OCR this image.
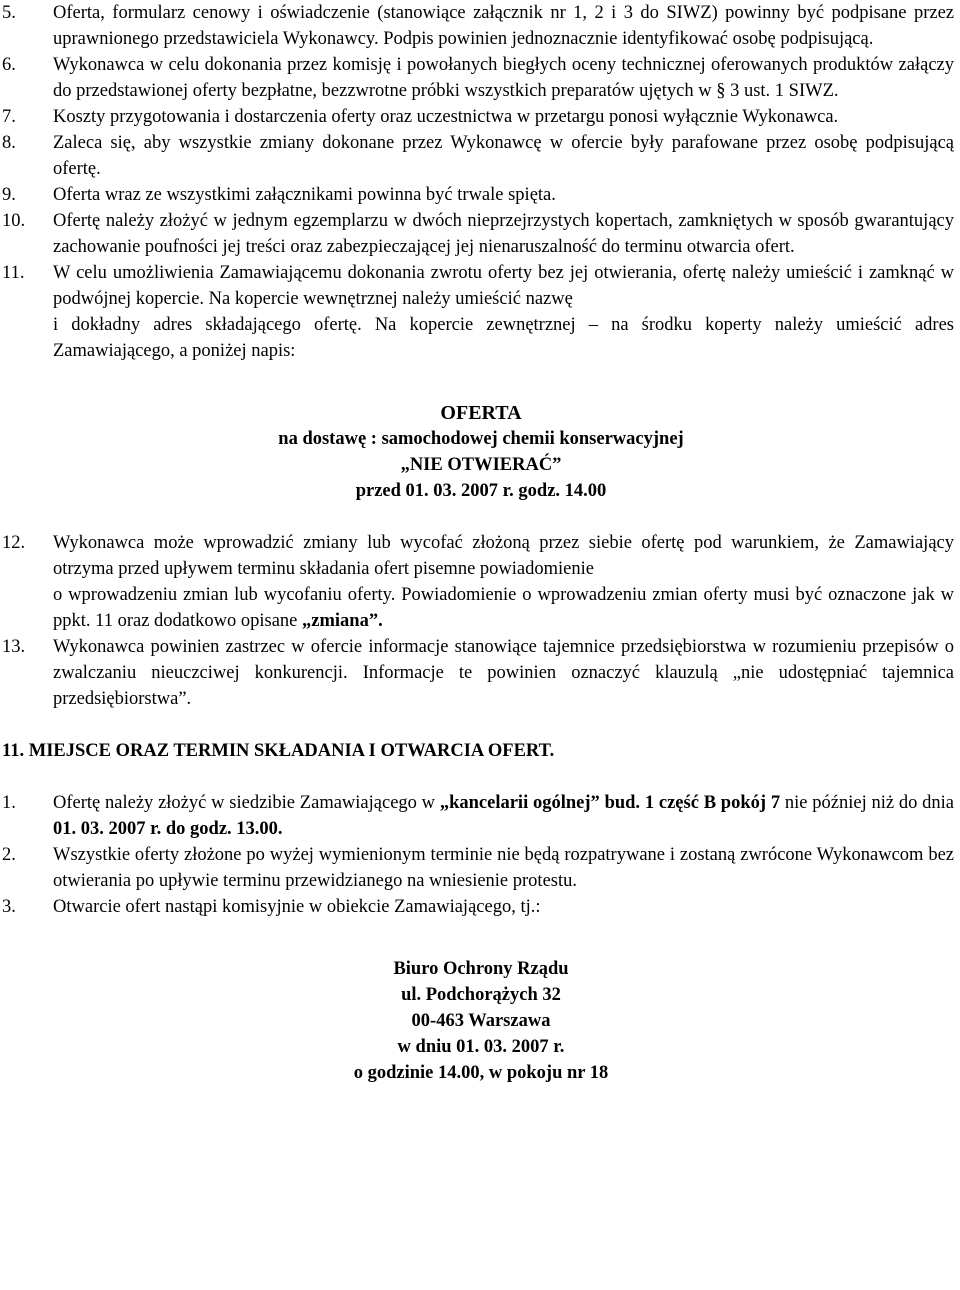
5.	Oferta, formularz cenowy i oświadczenie (stanowiące załącznik nr 1, 2 i 3 do SIWZ) powinny być podpisane przez uprawnionego przedstawiciela Wykonawcy. Podpis powinien jednoznacznie identyfikować osobę podpisującą.

6.	Wykonawca w celu dokonania przez komisję i powołanych biegłych oceny technicznej oferowanych produktów załączy do przedstawionej oferty bezpłatne, bezzwrotne próbki wszystkich preparatów ujętych w § 3 ust. 1 SIWZ.

7.	Koszty przygotowania i dostarczenia oferty oraz uczestnictwa w przetargu ponosi wyłącznie Wykonawca.

8.	Zaleca się, aby wszystkie zmiany dokonane przez Wykonawcę w ofercie były parafowane przez osobę podpisującą ofertę.

9.	Oferta wraz ze wszystkimi załącznikami powinna być trwale spięta.

10.	Ofertę należy złożyć w jednym egzemplarzu w dwóch nieprzejrzystych kopertach, zamkniętych w sposób gwarantujący zachowanie poufności jej treści oraz zabezpieczającej jej nienaruszalność do terminu otwarcia ofert.

11.	W celu umożliwienia Zamawiającemu dokonania zwrotu oferty bez jej otwierania, ofertę należy umieścić i zamknąć w podwójnej kopercie. Na kopercie wewnętrznej należy umieścić nazwę

i dokładny adres składającego ofertę. Na kopercie zewnętrznej – na środku koperty należy umieścić adres Zamawiającego, a poniżej napis:

OFERTA

na dostawę : samochodowej chemii konserwacyjnej

„NIE OTWIERAĆ”

przed 01. 03. 2007 r. godz. 14.00

12.	Wykonawca może wprowadzić zmiany lub wycofać złożoną przez siebie ofertę pod warunkiem, że Zamawiający otrzyma przed upływem terminu składania ofert pisemne powiadomienie

o wprowadzeniu zmian lub wycofaniu oferty. Powiadomienie o wprowadzeniu zmian oferty musi być oznaczone jak w ppkt. 11 oraz dodatkowo opisane „zmiana”.

13.	Wykonawca powinien zastrzec w ofercie informacje stanowiące tajemnice przedsiębiorstwa w rozumieniu przepisów o zwalczaniu nieuczciwej konkurencji. Informacje te powinien oznaczyć klauzulą „nie udostępniać tajemnica przedsiębiorstwa”.

11. MIEJSCE ORAZ TERMIN SKŁADANIA I OTWARCIA OFERT.

1.	Ofertę należy złożyć w siedzibie Zamawiającego w „kancelarii ogólnej” bud. 1 część B pokój 7 nie później niż do dnia 01. 03. 2007 r. do godz. 13.00.

2.	Wszystkie oferty złożone po wyżej wymienionym terminie nie będą rozpatrywane i zostaną zwrócone Wykonawcom bez otwierania po upływie terminu przewidzianego na wniesienie protestu.

3.	Otwarcie ofert nastąpi komisyjnie w obiekcie Zamawiającego, tj.:

Biuro Ochrony Rządu

ul. Podchorążych 32

00-463 Warszawa

w dniu 01. 03. 2007 r.

o godzinie 14.00, w pokoju nr 18
